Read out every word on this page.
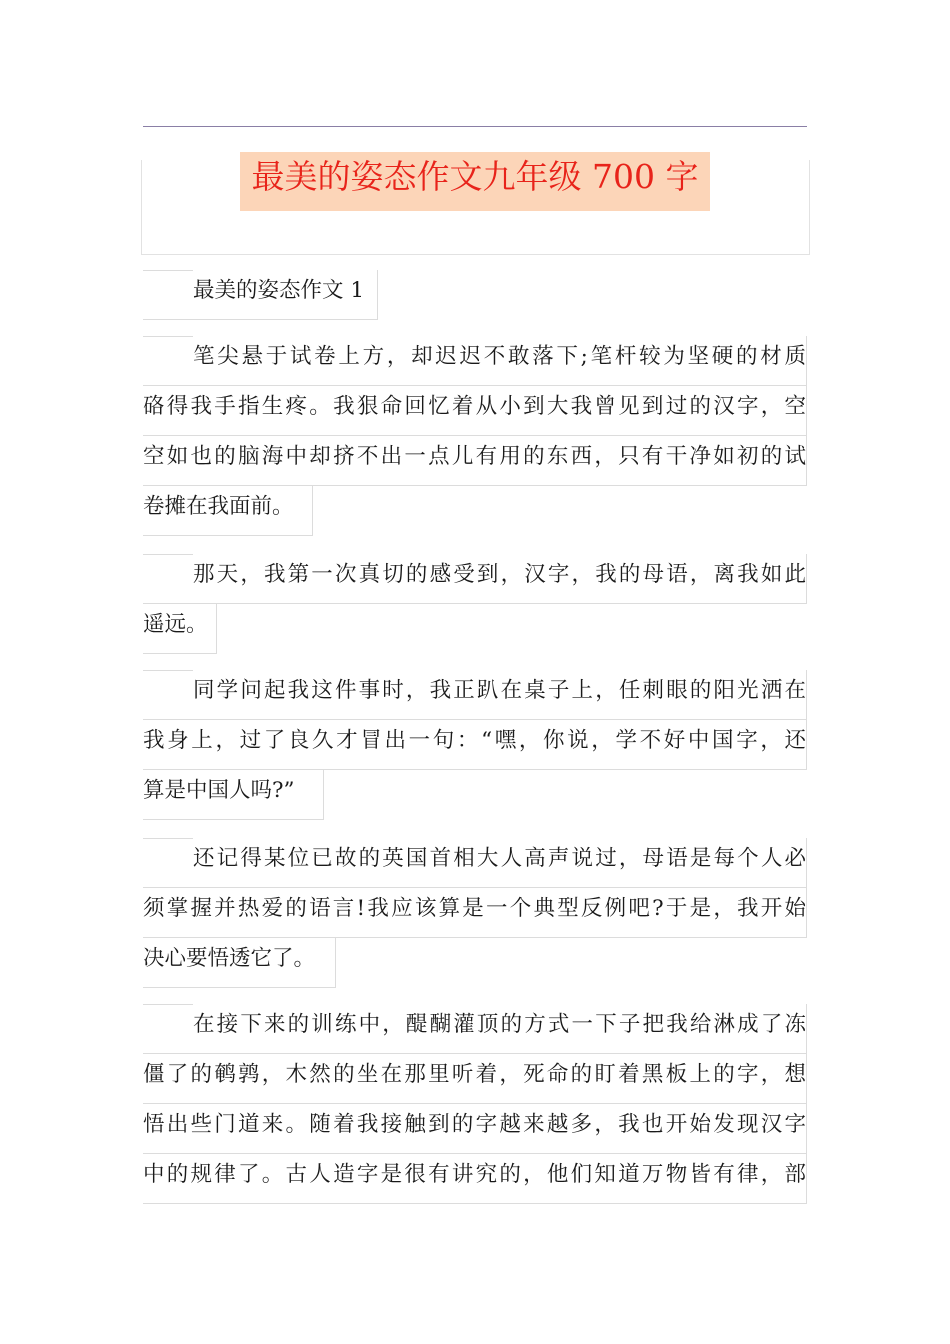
最美的姿态作文九年级 700 字
最美的姿态作文 1
笔尖悬于试卷上方，却迟迟不敢落下;笔杆较为坚硬的材质
硌得我手指生疼。我狠命回忆着从小到大我曾见到过的汉字，空
空如也的脑海中却挤不出一点儿有用的东西，只有干净如初的试
卷摊在我面前。
那天，我第一次真切的感受到，汉字，我的母语，离我如此
遥远。
同学问起我这件事时，我正趴在桌子上，任刺眼的阳光洒在
我身上，过了良久才冒出一句：“嘿，你说，学不好中国字，还
算是中国人吗?”
还记得某位已故的英国首相大人高声说过，母语是每个人必
须掌握并热爱的语言!我应该算是一个典型反例吧?于是，我开始
决心要悟透它了。
在接下来的训练中，醍醐灌顶的方式一下子把我给淋成了冻
僵了的鹌鹑，木然的坐在那里听着，死命的盯着黑板上的字，想
悟出些门道来。随着我接触到的字越来越多，我也开始发现汉字
中的规律了。古人造字是很有讲究的，他们知道万物皆有律，部
